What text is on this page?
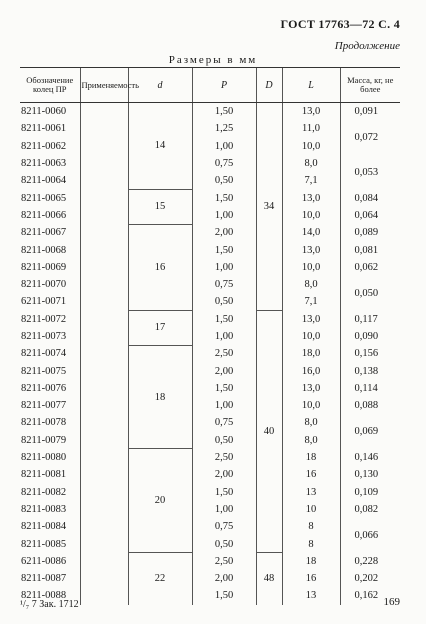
ГОСТ 17763—72 С. 4
Продолжение
Размеры в мм
Обозначение колец ПР	Применяемость	d	P	D	L	Масса, кг, не более
8211-0060		14	1,50	34	13,0	0,091
8211-0061			1,25		11,0	0,072
8211-0062			1,00		10,0	
8211-0063			0,75		8,0	0,053
8211-0064			0,50		7,1	
8211-0065		15	1,50		13,0	0,084
8211-0066			1,00		10,0	0,064
8211-0067		16	2,00		14,0	0,089
8211-0068			1,50		13,0	0,081
8211-0069			1,00		10,0	0,062
8211-0070			0,75		8,0	0,050
6211-0071			0,50		7,1	
8211-0072		17	1,50	40	13,0	0,117
8211-0073			1,00		10,0	0,090
8211-0074		18	2,50		18,0	0,156
8211-0075			2,00		16,0	0,138
8211-0076			1,50		13,0	0,114
8211-0077			1,00		10,0	0,088
8211-0078			0,75		8,0	0,069
8211-0079			0,50		8,0	
8211-0080		20	2,50		18	0,146
8211-0081			2,00		16	0,130
8211-0082			1,50		13	0,109
8211-0083			1,00		10	0,082
8211-0084			0,75		8	0,066
8211-0085			0,50		8	
6211-0086		22	2,50	48	18	0,228
8211-0087			2,00		16	0,202
8211-0088			1,50		13	0,162
¹/₇ 7 Зак. 1712	169
